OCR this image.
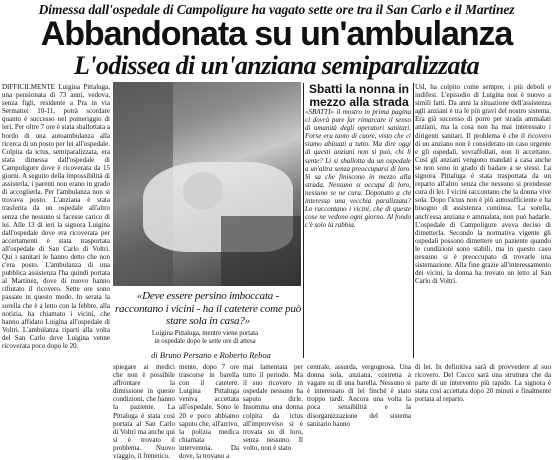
Dimessa dall'ospedale di Campoligure ha vagato sette ore tra il San Carlo e il Martinez
Abbandonata su un'ambulanza
L'odissea di un'anziana semiparalizzata

DIFFICILMENTE Luigina Pittaluga, una pensionata di 73 anni, vedova, senza figli, residente a Pra in via Sermattei 10-11, potrà scordare quanto è successo nel pomeriggio di ieri. Per oltre 7 ore è stata sballottata a bordo di una autoambulanza alla ricerca di un posto per lei all'ospedale. Colpita da ictus, semiparalizzata, era stata dimessa dall'ospedale di Campoligure dove è ricoverata da 15 giorni. A seguito della impossibilità di assisterla, i parenti non erano in grado di accoglierla. Per l'ambulanza non si trovava posto. L'anziana è stata trasferita da un ospedale all'altro senza che nessuno si facesse carico di lei. Alle 13 di ieri la signora Luigina dall'ospedale dove era ricoverata per accertamenti è stata trasportata all'ospedale di San Carlo di Voltri. Qui i sanitari le hanno detto che non c'era posto. L'ambulanza di una pubblica assistenza l'ha quindi portata al Martinez, dove di nuovo hanno rifiutato il ricovero. Sette ore sono passate in questo modo. In serata la sorella che è a letto con la febbre, alla notizia, ha chiamato i vicini, che hanno affidato Luigina all'ospedale di Voltri. L'ambulanza riparti alla volta del San Carlo dove Luigina venne ricoverata poco dopo le 20.

«Deve essere persino imboccata - raccontano i vicini - ha il catetere come può stare sola in casa?»
Luigina Pittaluga, mentre viene portata in ospedale dopo le sette ore di attesa
di Bruno Persano e Roberto Reboa
Sbatti la nonna in mezzo alla strada

«SBATTI» il mostro in prima pagina ci dovrà pure far rimarcare il senso di umanità degli operatori sanitari. Forse era tanto di cuore, visto che ci siamo abituati a tutto. Ma dire oggi di questi anziani non si può, chi li sente? Li si sballotta da un ospedale a un'altra senza preoccuparsi di loro. Si sa che finiscono in mezzo alla strada. Nessuno si occupa di loro, nessuno se ne cura. Dopotutto a chi interessa una vecchia paralizzata? Lo raccontano i vicini, che di queste cose ne vedono ogni giorno. Al fondo c'è solo la rabbia.

Usl, ha colpito come sempre, i più deboli e indifesi. L'episodio di Luigina non è nuovo a simili fatti. Da anni la situazione dell'assistenza agli anziani è tra le più gravi del nostro sistema. Era già successo di porre per strada ammalati anziani, ma la cosa non ha mai interessato i dirigenti sanitari. Il problema è che il ricovero di un anziano non è considerato un caso urgente e gli ospedali, sovraffollati, non li accettano. Così gli anziani vengono mandati a casa anche se non sono in grado di badare a se stessi. La signora Pittaluga è stata trasportata da un reparto all'altro senza che nessuno si prendesse cura di lei. I vicini raccontano che la donna vive sola. Dopo l'ictus non è più autosufficiente e ha bisogno di assistenza continua. La sorella, anch'essa anziana e ammalata, non può badarle. L'ospedale di Campoligure aveva deciso di dimetterla. Secondo la normativa vigente gli ospedali possono dimettere un paziente quando le condizioni sono stabili, ma in questo caso nessuno si è preoccupato di trovarle una sistemazione. Alla fine grazie all'interessamento dei vicini, la donna ha trovato un letto al San Carlo di Voltri.

spiegare ai medici che non è possibile affrontare la dimissione in queste condizioni, che hanno la paziente. La Pittaluga è stata così portata al San Carlo di Voltri ma anche qui si è trovato il problema. Nuovo viaggio, il frenetico.

mente, dopo 7 ore trascorse in barella con il catetere. Luigina Pittaluga veniva accettata all'ospedale. Sono le 20 e poco abbiamo saputo che, all'arrivo, la polizia medica chiamata intervenuta. Da dove, la trovano a

mai lamentata per tutto il periodo. Ma il suo ricovero in ospedale nessuno ha saputo dirle. Insomma una donna colpita da ictus all'improvviso si è trovata su di loro, senza nessuno. Il volto, non è stato

centrale, assurda, vergognosa. Una donna sola, anziana, costretta a vagare su di una barella. Nessuno si è interessato di lei finché è stato troppo tardi. Ancora una volta la poca sensibilità e la disorganizzazione del sistema sanitario hanno

di lei. In definitiva sarà di provvedere al suo ricovero. Del Cucco sarà una struttura che da parte di un intervento più rapido. La signora è stata così accettata dopo 20 minuti e finalmente portata al reparto.
